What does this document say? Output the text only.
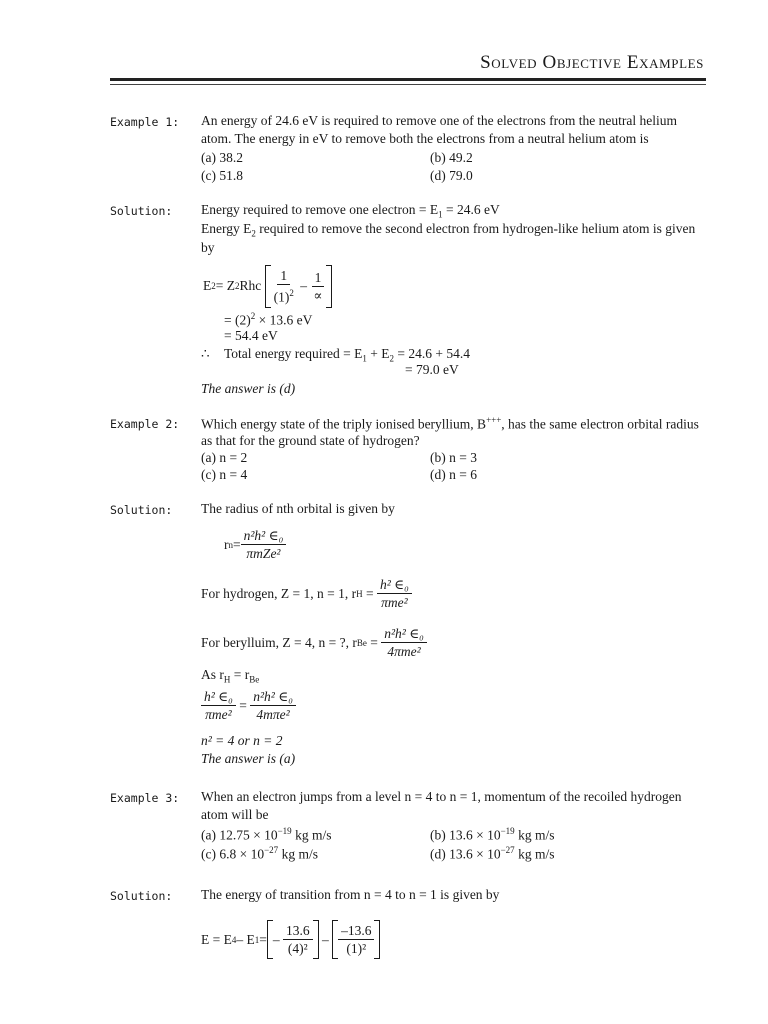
Solved Objective Examples
Example 1: An energy of 24.6 eV is required to remove one of the electrons from the neutral helium
atom. The energy in eV to remove both the electrons from a neutral helium atom is
(a) 38.2	(b) 49.2
(c) 51.8	(d) 79.0
Solution: Energy required to remove one electron = $E_1 = 24.6$ eV
Energy $E_2$ required to remove the second electron from hydrogen-like helium atom is given
by
E 2 = Z 2 Rhc
$\frac{1}{(1)^2}$
–
$\frac{1}{\propto}$
= $(2)^2 \times 13.6$ eV
= 54.4 eV
∴ Total energy required = $E_1 + E_2 = 24.6 + 54.4$
= 79.0 eV
The answer is (d)
Example 2: Which energy state of the triply ionised beryllium, B+++, has the same electron orbital radius
as that for the ground state of hydrogen?
(a) n = 2	(b) n = 3
(c) n = 4	(d) n = 6
Solution: The radius of nth orbital is given by
r $n = \frac{\text{n²h² ∈₀}}{\text{πmZe²}}$
For hydrogen, Z = 1, n = 1, r $H = \frac{\text{h² ∈₀}}{\text{πme²}}$
For berylluim, Z = 4, n = ?, r $Be = \frac{\text{n²h² ∈₀}}{\text{4πme²}}$
As $r_H = r_{Be}$
$\frac{\text{h² ∈₀}}{\text{πme²}} = \frac{\text{n²h² ∈₀}}{\text{4mπe²}}$
n² = 4 or n = 2
The answer is (a)
Example 3: When an electron jumps from a level n = 4 to n = 1, momentum of the recoiled hydrogen
atom will be
(a) $12.75 \times 10^{-19}$ kg m/s	(b) $13.6 \times 10^{-19}$ kg m/s
(c) $6.8 \times 10^{-27}$ kg m/s	(d) $13.6 \times 10^{-27}$ kg m/s
Solution: The energy of transition from n = 4 to n = 1 is given by
E = E 4 – E 1 = – $\frac{13.6}{\text{(4)²}}$
–
$\frac{-13.6}{\text{(1)²}}$
